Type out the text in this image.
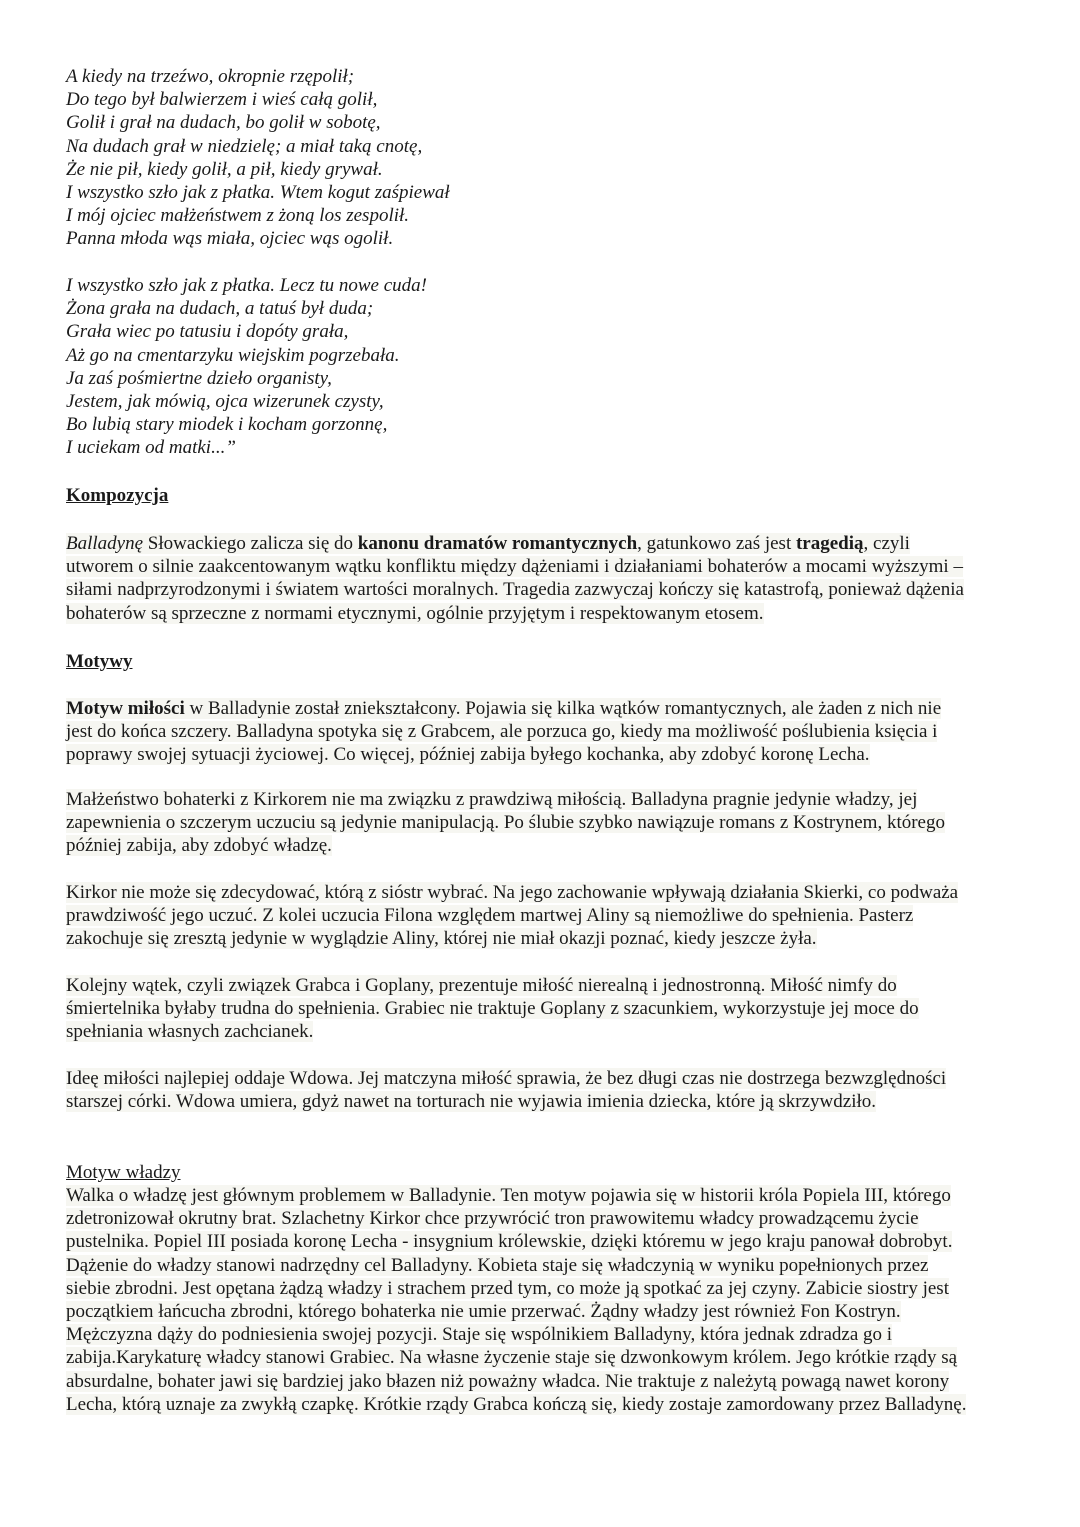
A kiedy na trzeźwo, okropnie rzępolił;
Do tego był balwierzem i wieś całą golił,
Golił i grał na dudach, bo golił w sobotę,
Na dudach grał w niedzielę; a miał taką cnotę,
Że nie pił, kiedy golił, a pił, kiedy grywał.
I wszystko szło jak z płatka. Wtem kogut zaśpiewał
I mój ojciec małżeństwem z żoną los zespolił.
Panna młoda wąs miała, ojciec wąs ogolił.
I wszystko szło jak z płatka. Lecz tu nowe cuda!
Żona grała na dudach, a tatuś był duda;
Grała wiec po tatusiu i dopóty grała,
Aż go na cmentarzyku wiejskim pogrzebała.
Ja zaś pośmiertne dzieło organisty,
Jestem, jak mówią, ojca wizerunek czysty,
Bo lubią stary miodek i kocham gorzonnę,
I uciekam od matki...”
Kompozycja
Balladynę Słowackiego zalicza się do kanonu dramatów romantycznych, gatunkowo zaś jest tragedią, czyli
utworem o silnie zaakcentowanym wątku konfliktu między dążeniami i działaniami bohaterów a mocami wyższymi –
siłami nadprzyrodzonymi i światem wartości moralnych. Tragedia zazwyczaj kończy się katastrofą, ponieważ dążenia
bohaterów są sprzeczne z normami etycznymi, ogólnie przyjętym i respektowanym etosem.
Motywy
Motyw miłości w Balladynie został zniekształcony. Pojawia się kilka wątków romantycznych, ale żaden z nich nie
jest do końca szczery. Balladyna spotyka się z Grabcem, ale porzuca go, kiedy ma możliwość poślubienia księcia i
poprawy swojej sytuacji życiowej. Co więcej, później zabija byłego kochanka, aby zdobyć koronę Lecha.
Małżeństwo bohaterki z Kirkorem nie ma związku z prawdziwą miłością. Balladyna pragnie jedynie władzy, jej
zapewnienia o szczerym uczuciu są jedynie manipulacją. Po ślubie szybko nawiązuje romans z Kostrynem, którego
później zabija, aby zdobyć władzę.
Kirkor nie może się zdecydować, którą z sióstr wybrać. Na jego zachowanie wpływają działania Skierki, co podważa
prawdziwość jego uczuć. Z kolei uczucia Filona względem martwej Aliny są niemożliwe do spełnienia. Pasterz
zakochuje się zresztą jedynie w wyglądzie Aliny, której nie miał okazji poznać, kiedy jeszcze żyła.
Kolejny wątek, czyli związek Grabca i Goplany, prezentuje miłość nierealną i jednostronną. Miłość nimfy do
śmiertelnika byłaby trudna do spełnienia. Grabiec nie traktuje Goplany z szacunkiem, wykorzystuje jej moce do
spełniania własnych zachcianek.
Ideę miłości najlepiej oddaje Wdowa. Jej matczyna miłość sprawia, że bez długi czas nie dostrzega bezwzględności
starszej córki. Wdowa umiera, gdyż nawet na torturach nie wyjawia imienia dziecka, które ją skrzywdziło.
Motyw władzy
Walka o władzę jest głównym problemem w Balladynie. Ten motyw pojawia się w historii króla Popiela III, którego
zdetronizował okrutny brat. Szlachetny Kirkor chce przywrócić tron prawowitemu władcy prowadzącemu życie
pustelnika. Popiel III posiada koronę Lecha - insygnium królewskie, dzięki któremu w jego kraju panował dobrobyt.
Dążenie do władzy stanowi nadrzędny cel Balladyny. Kobieta staje się władczynią w wyniku popełnionych przez
siebie zbrodni. Jest opętana żądzą władzy i strachem przed tym, co może ją spotkać za jej czyny. Zabicie siostry jest
początkiem łańcucha zbrodni, którego bohaterka nie umie przerwać. Żądny władzy jest również Fon Kostryn.
Mężczyzna dąży do podniesienia swojej pozycji. Staje się wspólnikiem Balladyny, która jednak zdradza go i
zabija.Karykaturę władcy stanowi Grabiec. Na własne życzenie staje się dzwonkowym królem. Jego krótkie rządy są
absurdalne, bohater jawi się bardziej jako błazen niż poważny władca. Nie traktuje z należytą powagą nawet korony
Lecha, którą uznaje za zwykłą czapkę. Krótkie rządy Grabca kończą się, kiedy zostaje zamordowany przez Balladynę.
